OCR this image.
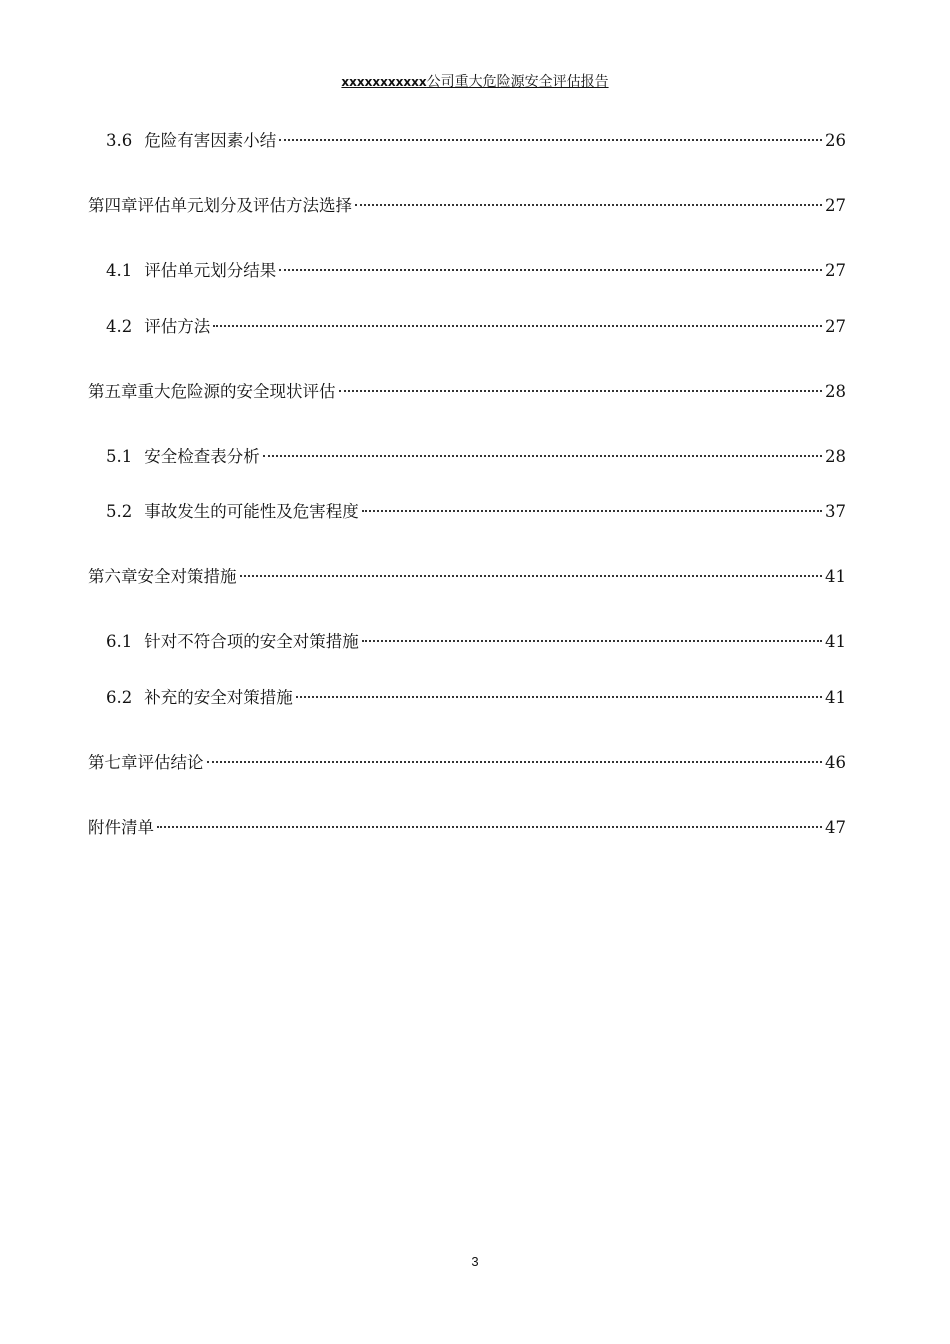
xxxxxxxxxxx公司重大危险源安全评估报告
3.6 危险有害因素小结	26
第四章评估单元划分及评估方法选择	27
4.1 评估单元划分结果	27
4.2 评估方法	27
第五章重大危险源的安全现状评估	28
5.1 安全检查表分析	28
5.2 事故发生的可能性及危害程度	37
第六章安全对策措施	41
6.1 针对不符合项的安全对策措施	41
6.2 补充的安全对策措施	41
第七章评估结论	46
附件清单	47
3
